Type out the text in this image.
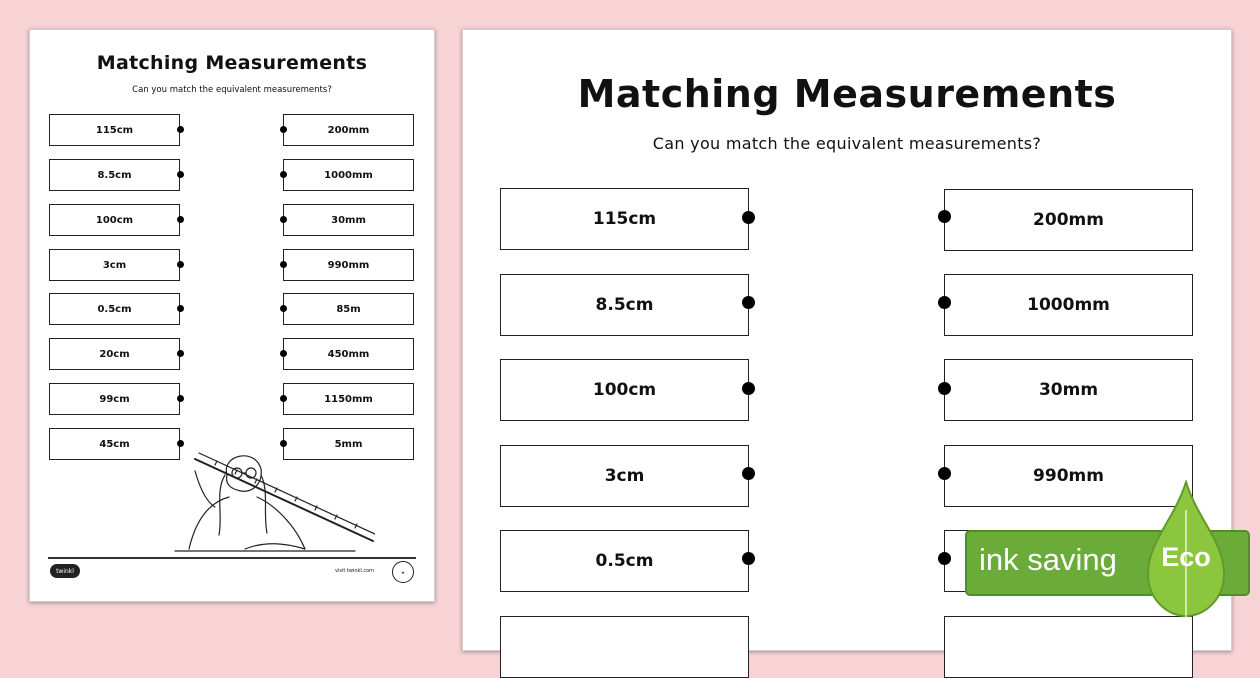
Matching Measurements
Can you match the equivalent measurements?
115cm
8.5cm
100cm
3cm
0.5cm
20cm
99cm
45cm
200mm
1000mm
30mm
990mm
85m
450mm
1150mm
5mm
twinkl	visit twinkl.com	★
Matching Measurements
Can you match the equivalent measurements?
115cm
8.5cm
100cm
3cm
0.5cm
200mm
1000mm
30mm
990mm
ink saving Eco
